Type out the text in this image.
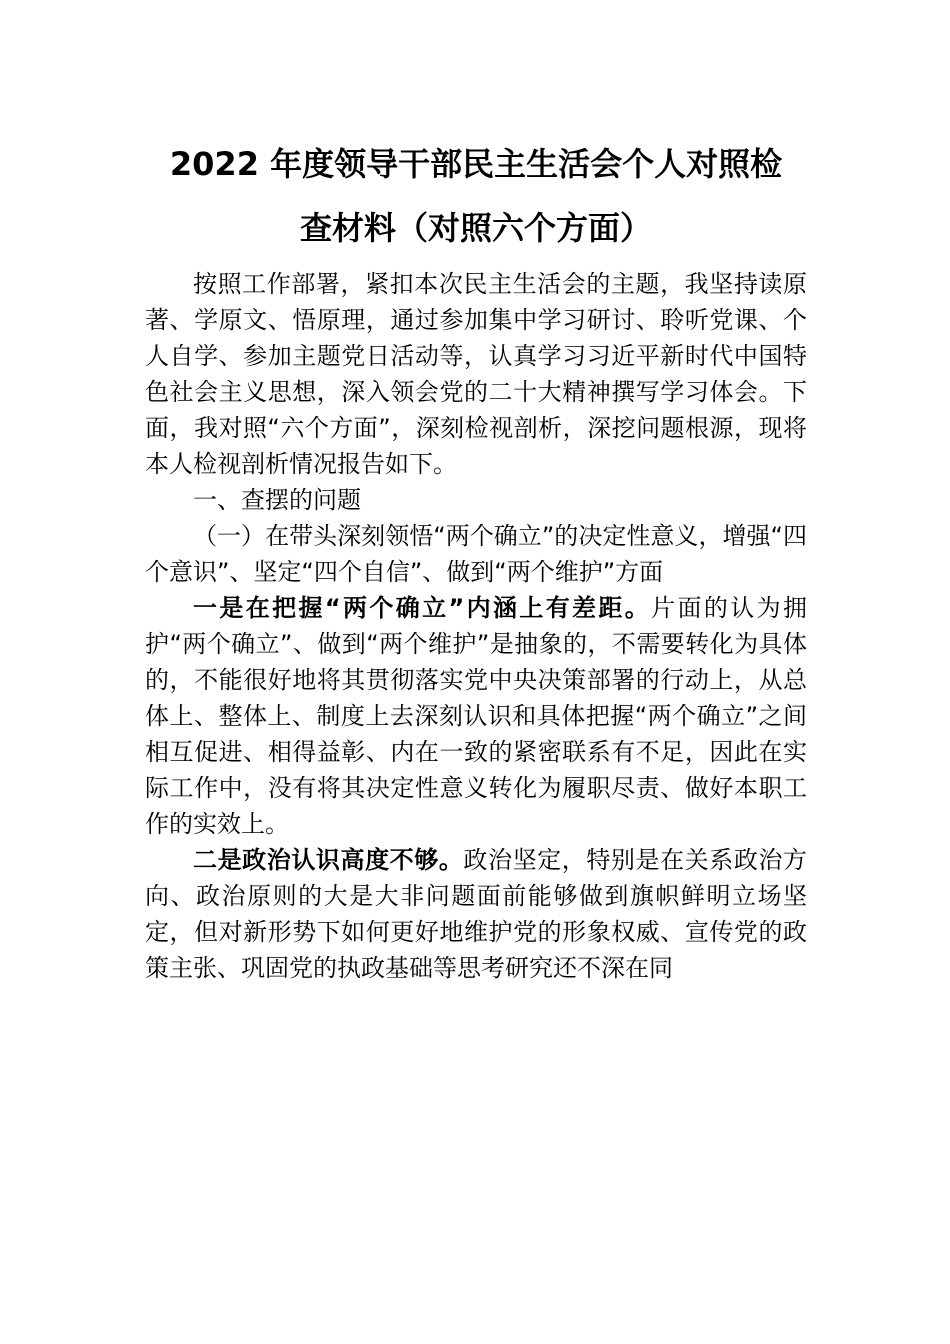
2022 年度领导干部民主生活会个人对照检
查材料（对照六个方面）

按照工作部署，紧扣本次民主生活会的主题，我坚持读原著、学原文、悟原理，通过参加集中学习研讨、聆听党课、个人自学、参加主题党日活动等，认真学习习近平新时代中国特色社会主义思想，深入领会党的二十大精神撰写学习体会。下面，我对照“六个方面”，深刻检视剖析，深挖问题根源，现将本人检视剖析情况报告如下。

一、查摆的问题

（一）在带头深刻领悟“两个确立”的决定性意义，增强“四个意识”、坚定“四个自信”、做到“两个维护”方面

一是在把握“两个确立”内涵上有差距。片面的认为拥护“两个确立”、做到“两个维护”是抽象的，不需要转化为具体的，不能很好地将其贯彻落实党中央决策部署的行动上，从总体上、整体上、制度上去深刻认识和具体把握“两个确立”之间相互促进、相得益彰、内在一致的紧密联系有不足，因此在实际工作中，没有将其决定性意义转化为履职尽责、做好本职工作的实效上。

二是政治认识高度不够。政治坚定，特别是在关系政治方向、政治原则的大是大非问题面前能够做到旗帜鲜明立场坚定，但对新形势下如何更好地维护党的形象权威、宣传党的政策主张、巩固党的执政基础等思考研究还不深在同
